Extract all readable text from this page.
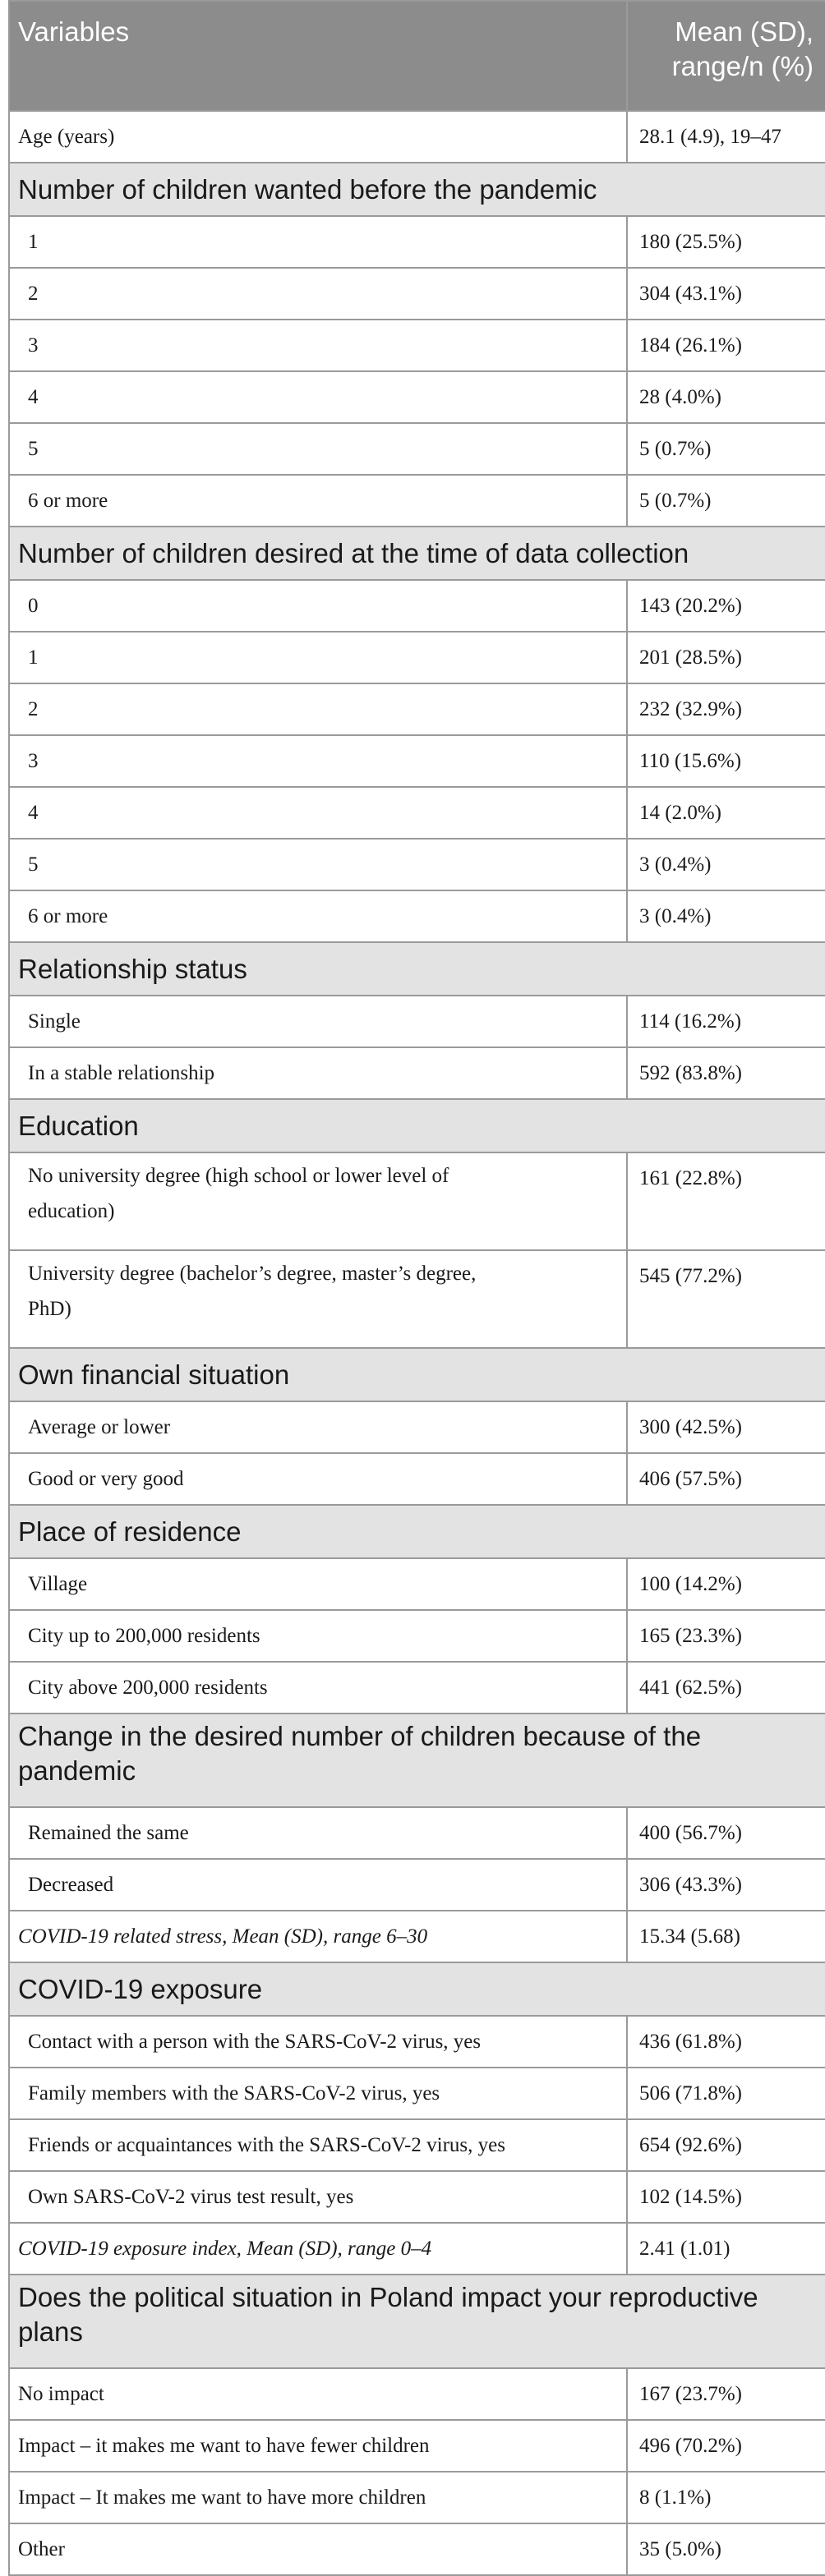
Variables	Mean (SD),
range/n (%)
Age (years)	28.1 (4.9), 19–47
Number of children wanted before the pandemic	
1	180 (25.5%)
2	304 (43.1%)
3	184 (26.1%)
4	28 (4.0%)
5	5 (0.7%)
6 or more	5 (0.7%)
Number of children desired at the time of data collection	
0	143 (20.2%)
1	201 (28.5%)
2	232 (32.9%)
3	110 (15.6%)
4	14 (2.0%)
5	3 (0.4%)
6 or more	3 (0.4%)
Relationship status	
Single	114 (16.2%)
In a stable relationship	592 (83.8%)
Education	
No university degree (high school or lower level of
education)	161 (22.8%)
University degree (bachelor’s degree, master’s degree,
PhD)	545 (77.2%)
Own financial situation	
Average or lower	300 (42.5%)
Good or very good	406 (57.5%)
Place of residence	
Village	100 (14.2%)
City up to 200,000 residents	165 (23.3%)
City above 200,000 residents	441 (62.5%)
Change in the desired number of children because of the
pandemic	
Remained the same	400 (56.7%)
Decreased	306 (43.3%)
COVID-19 related stress, Mean (SD), range 6–30	15.34 (5.68)
COVID-19 exposure	
Contact with a person with the SARS-CoV-2 virus, yes	436 (61.8%)
Family members with the SARS-CoV-2 virus, yes	506 (71.8%)
Friends or acquaintances with the SARS-CoV-2 virus, yes	654 (92.6%)
Own SARS-CoV-2 virus test result, yes	102 (14.5%)
COVID-19 exposure index, Mean (SD), range 0–4	2.41 (1.01)
Does the political situation in Poland impact your reproductive
plans	
No impact	167 (23.7%)
Impact – it makes me want to have fewer children	496 (70.2%)
Impact – It makes me want to have more children	8 (1.1%)
Other	35 (5.0%)
